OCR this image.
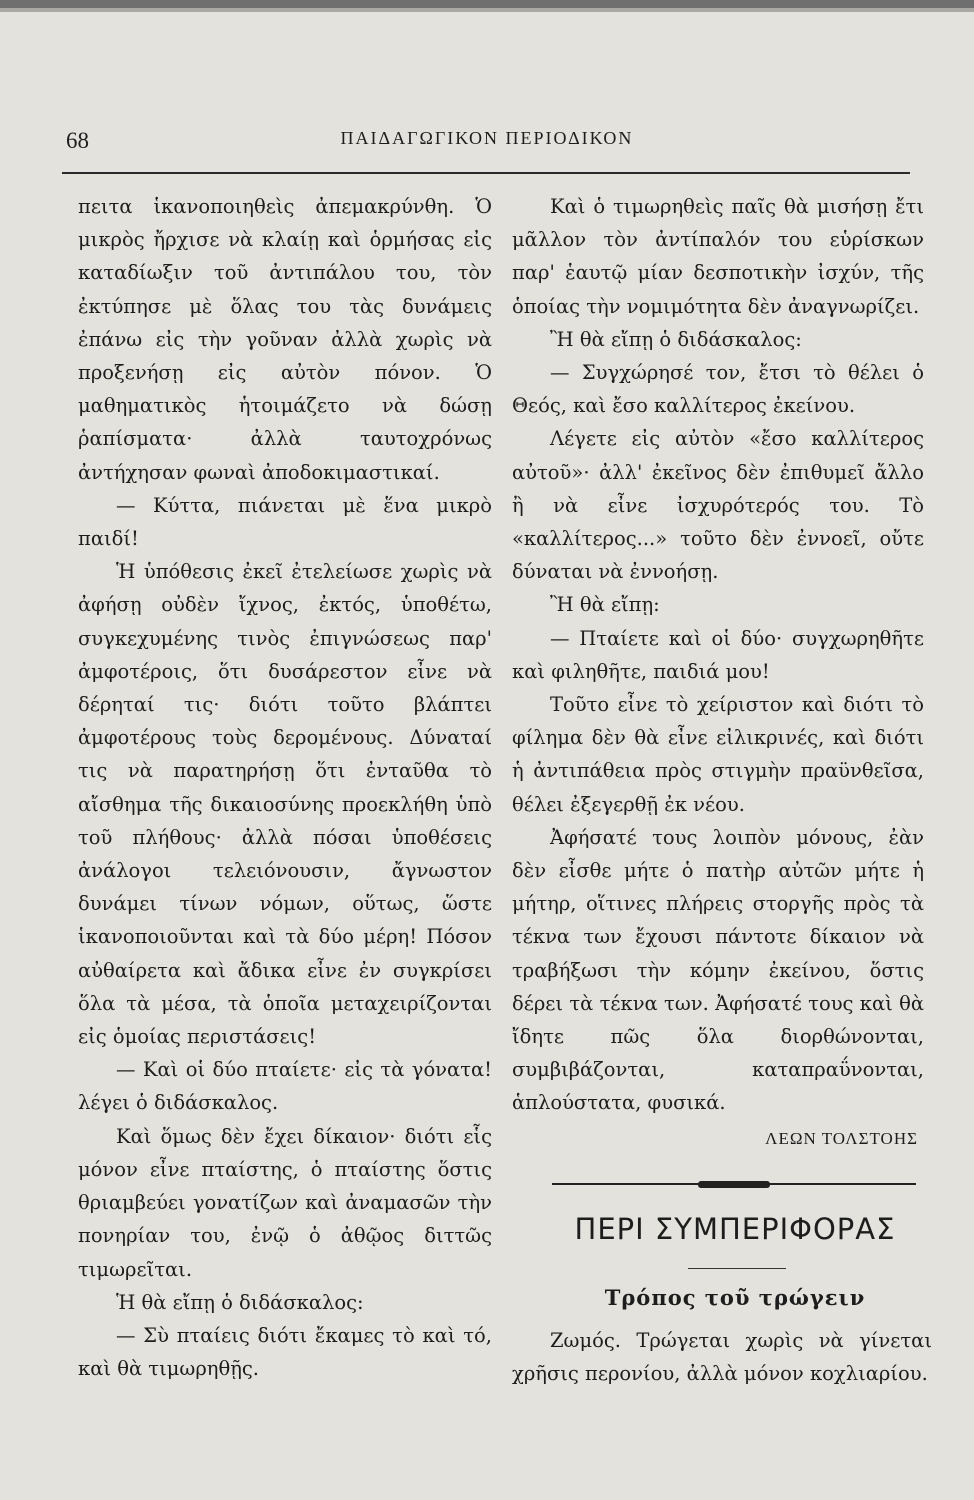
68	ΠΑΙΔΑΓΩΓΙΚΟΝ ΠΕΡΙΟΔΙΚΟΝ

πειτα ἱκανοποιηθεὶς ἀπεμακρύνθη. Ὁ μικρὸς ἤρχισε νὰ κλαίῃ καὶ ὁρμήσας εἰς καταδίωξιν τοῦ ἀντιπάλου του, τὸν ἐκτύπησε μὲ ὅλας του τὰς δυνάμεις ἐπάνω εἰς τὴν γοῦναν ἀλλὰ χωρὶς νὰ προξενήσῃ εἰς αὐτὸν πόνον. Ὁ μαθηματικὸς ἡτοιμάζετο νὰ δώσῃ ῥαπίσματα· ἀλλὰ ταυτοχρόνως ἀντήχησαν φωναὶ ἀποδοκιμαστικαί.

— Κύττα, πιάνεται μὲ ἕνα μικρὸ παιδί!

Ἡ ὑπόθεσις ἐκεῖ ἐτελείωσε χωρὶς νὰ ἀφήσῃ οὐδὲν ἴχνος, ἐκτός, ὑποθέτω, συγκεχυμένης τινὸς ἐπιγνώσεως παρ' ἀμφοτέροις, ὅτι δυσάρεστον εἶνε νὰ δέρηταί τις· διότι τοῦτο βλάπτει ἀμφοτέρους τοὺς δερομένους. Δύναταί τις νὰ παρατηρήσῃ ὅτι ἐνταῦθα τὸ αἴσθημα τῆς δικαιοσύνης προεκλήθη ὑπὸ τοῦ πλήθους· ἀλλὰ πόσαι ὑποθέσεις ἀνάλογοι τελειόνουσιν, ἄγνωστον δυνάμει τίνων νόμων, οὕτως, ὥστε ἱκανοποιοῦνται καὶ τὰ δύο μέρη! Πόσον αὐθαίρετα καὶ ἄδικα εἶνε ἐν συγκρίσει ὅλα τὰ μέσα, τὰ ὁποῖα μεταχειρίζονται εἰς ὁμοίας περιστάσεις!

— Καὶ οἱ δύο πταίετε· εἰς τὰ γόνατα! λέγει ὁ διδάσκαλος.

Καὶ ὅμως δὲν ἔχει δίκαιον· διότι εἷς μόνον εἶνε πταίστης, ὁ πταίστης ὅστις θριαμβεύει γονατίζων καὶ ἀναμασῶν τὴν πονηρίαν του, ἐνῷ ὁ ἀθῷος διττῶς τιμωρεῖται.

Ἡ θὰ εἴπῃ ὁ διδάσκαλος:

— Σὺ πταίεις διότι ἔκαμες τὸ καὶ τό, καὶ θὰ τιμωρηθῇς.

Καὶ ὁ τιμωρηθεὶς παῖς θὰ μισήσῃ ἔτι μᾶλλον τὸν ἀντίπαλόν του εὑρίσκων παρ' ἑαυτῷ μίαν δεσποτικὴν ἰσχύν, τῆς ὁποίας τὴν νομιμότητα δὲν ἀναγνωρίζει.

Ἢ θὰ εἴπῃ ὁ διδάσκαλος:

— Συγχώρησέ τον, ἔτσι τὸ θέλει ὁ Θεός, καὶ ἔσο καλλίτερος ἐκείνου.

Λέγετε εἰς αὐτὸν «ἔσο καλλίτερος αὐτοῦ»· ἀλλ' ἐκεῖνος δὲν ἐπιθυμεῖ ἄλλο ἢ νὰ εἶνε ἰσχυρότερός του. Τὸ «καλλίτερος...» τοῦτο δὲν ἐννοεῖ, οὔτε δύναται νὰ ἐννοήσῃ.

Ἢ θὰ εἴπῃ:

— Πταίετε καὶ οἱ δύο· συγχωρηθῆτε καὶ φιληθῆτε, παιδιά μου!

Τοῦτο εἶνε τὸ χείριστον καὶ διότι τὸ φίλημα δὲν θὰ εἶνε εἰλικρινές, καὶ διότι ἡ ἀντιπάθεια πρὸς στιγμὴν πραϋνθεῖσα, θέλει ἐξεγερθῇ ἐκ νέου.

Ἀφήσατέ τους λοιπὸν μόνους, ἐὰν δὲν εἶσθε μήτε ὁ πατὴρ αὐτῶν μήτε ἡ μήτηρ, οἵτινες πλήρεις στοργῆς πρὸς τὰ τέκνα των ἔχουσι πάντοτε δίκαιον νὰ τραβήξωσι τὴν κόμην ἐκείνου, ὅστις δέρει τὰ τέκνα των. Ἀφήσατέ τους καὶ θὰ ἴδητε πῶς ὅλα διορθώνονται, συμβιβάζονται, καταπραΰνονται, ἁπλούστατα, φυσικά.

ΛΕΩΝ ΤΟΛΣΤΟΗΣ

ΠΕΡΙ ΣΥΜΠΕΡΙΦΟΡΑΣ
Τρόπος τοῦ τρώγειν

Ζωμός. Τρώγεται χωρὶς νὰ γίνεται χρῆσις περονίου, ἀλλὰ μόνον κοχλιαρίου.
